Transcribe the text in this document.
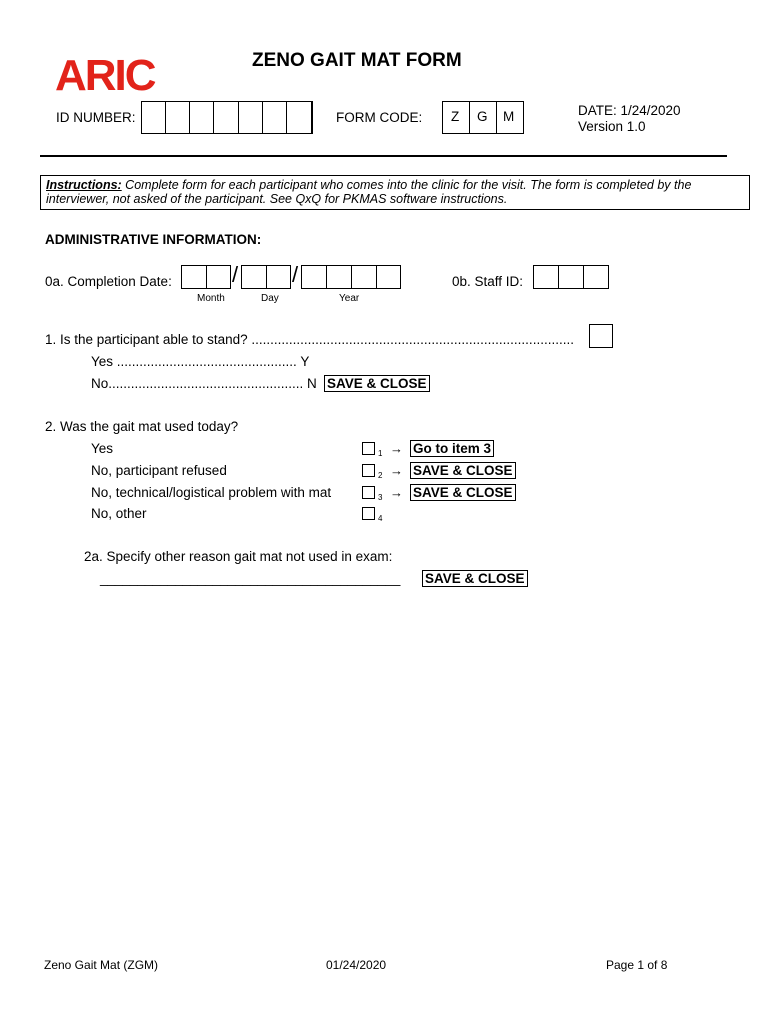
ARIC	ZENO GAIT MAT FORM
ID NUMBER:	FORM CODE: Z G M	DATE: 1/24/2020
Version 1.0
Instructions: Complete form for each participant who comes into the clinic for the visit. The form is completed by the interviewer, not asked of the participant. See QxQ for PKMAS software instructions.
ADMINISTRATIVE INFORMATION:
0a. Completion Date:	/ /
Month	Day	Year
0b. Staff ID:
1. Is the participant able to stand? ......................................................................................
Yes ................................................ Y
No.................................................... N SAVE & CLOSE
2. Was the gait mat used today?
Yes	1 → Go to item 3
No, participant refused	2 → SAVE & CLOSE
No, technical/logistical problem with mat	3 → SAVE & CLOSE
No, other	4
2a. Specify other reason gait mat not used in exam:
________________________________________ SAVE & CLOSE
Zeno Gait Mat (ZGM)	01/24/2020	Page 1 of 8
